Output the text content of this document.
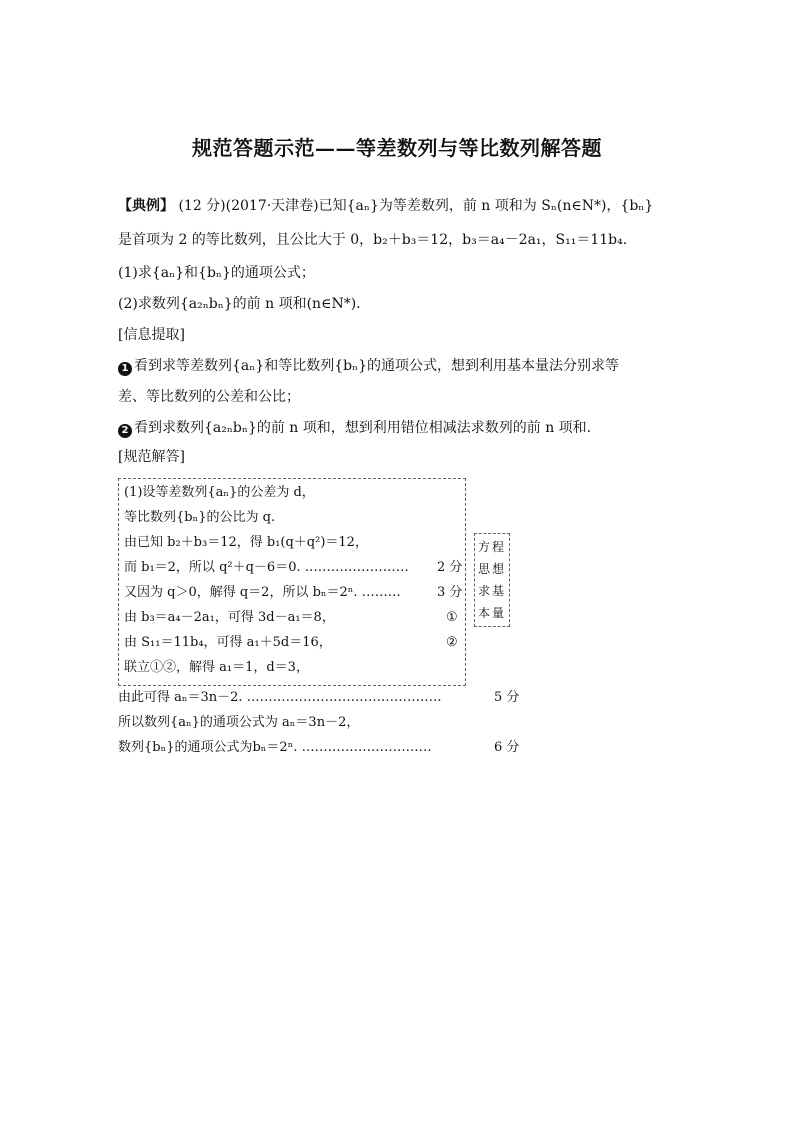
规范答题示范——等差数列与等比数列解答题
【典例】 (12 分)(2017·天津卷)已知{aₙ}为等差数列，前 n 项和为 Sₙ(n∈N*)，{bₙ}
是首项为 2 的等比数列，且公比大于 0，b₂＋b₃＝12，b₃＝a₄－2a₁，S₁₁＝11b₄.
(1)求{aₙ}和{bₙ}的通项公式；
(2)求数列{a₂ₙbₙ}的前 n 项和(n∈N*).
[信息提取]
1 看到求等差数列{aₙ}和等比数列{bₙ}的通项公式，想到利用基本量法分别求等
差、等比数列的公差和公比；
2 看到求数列{a₂ₙbₙ}的前 n 项和，想到利用错位相减法求数列的前 n 项和.
[规范解答]
(1)设等差数列{aₙ}的公差为 d，
等比数列{bₙ}的公比为 q.
由已知 b₂＋b₃＝12，得 b₁(q＋q²)＝12，
而 b₁＝2，所以 q²＋q－6＝0. …………………… 2 分
又因为 q＞0，解得 q＝2，所以 bₙ＝2ⁿ. ………	3 分
由 b₃＝a₄－2a₁，可得 3d－a₁＝8，	①
由 S₁₁＝11b₄，可得 a₁＋5d＝16，	②
联立①②，解得 a₁＝1，d＝3，
由此可得 aₙ＝3n－2. ………………………………………	5 分
所以数列{aₙ}的通项公式为 aₙ＝3n－2，
数列{bₙ}的通项公式为bₙ＝2ⁿ. …………………………	6 分
方程
思想
求基
本量
